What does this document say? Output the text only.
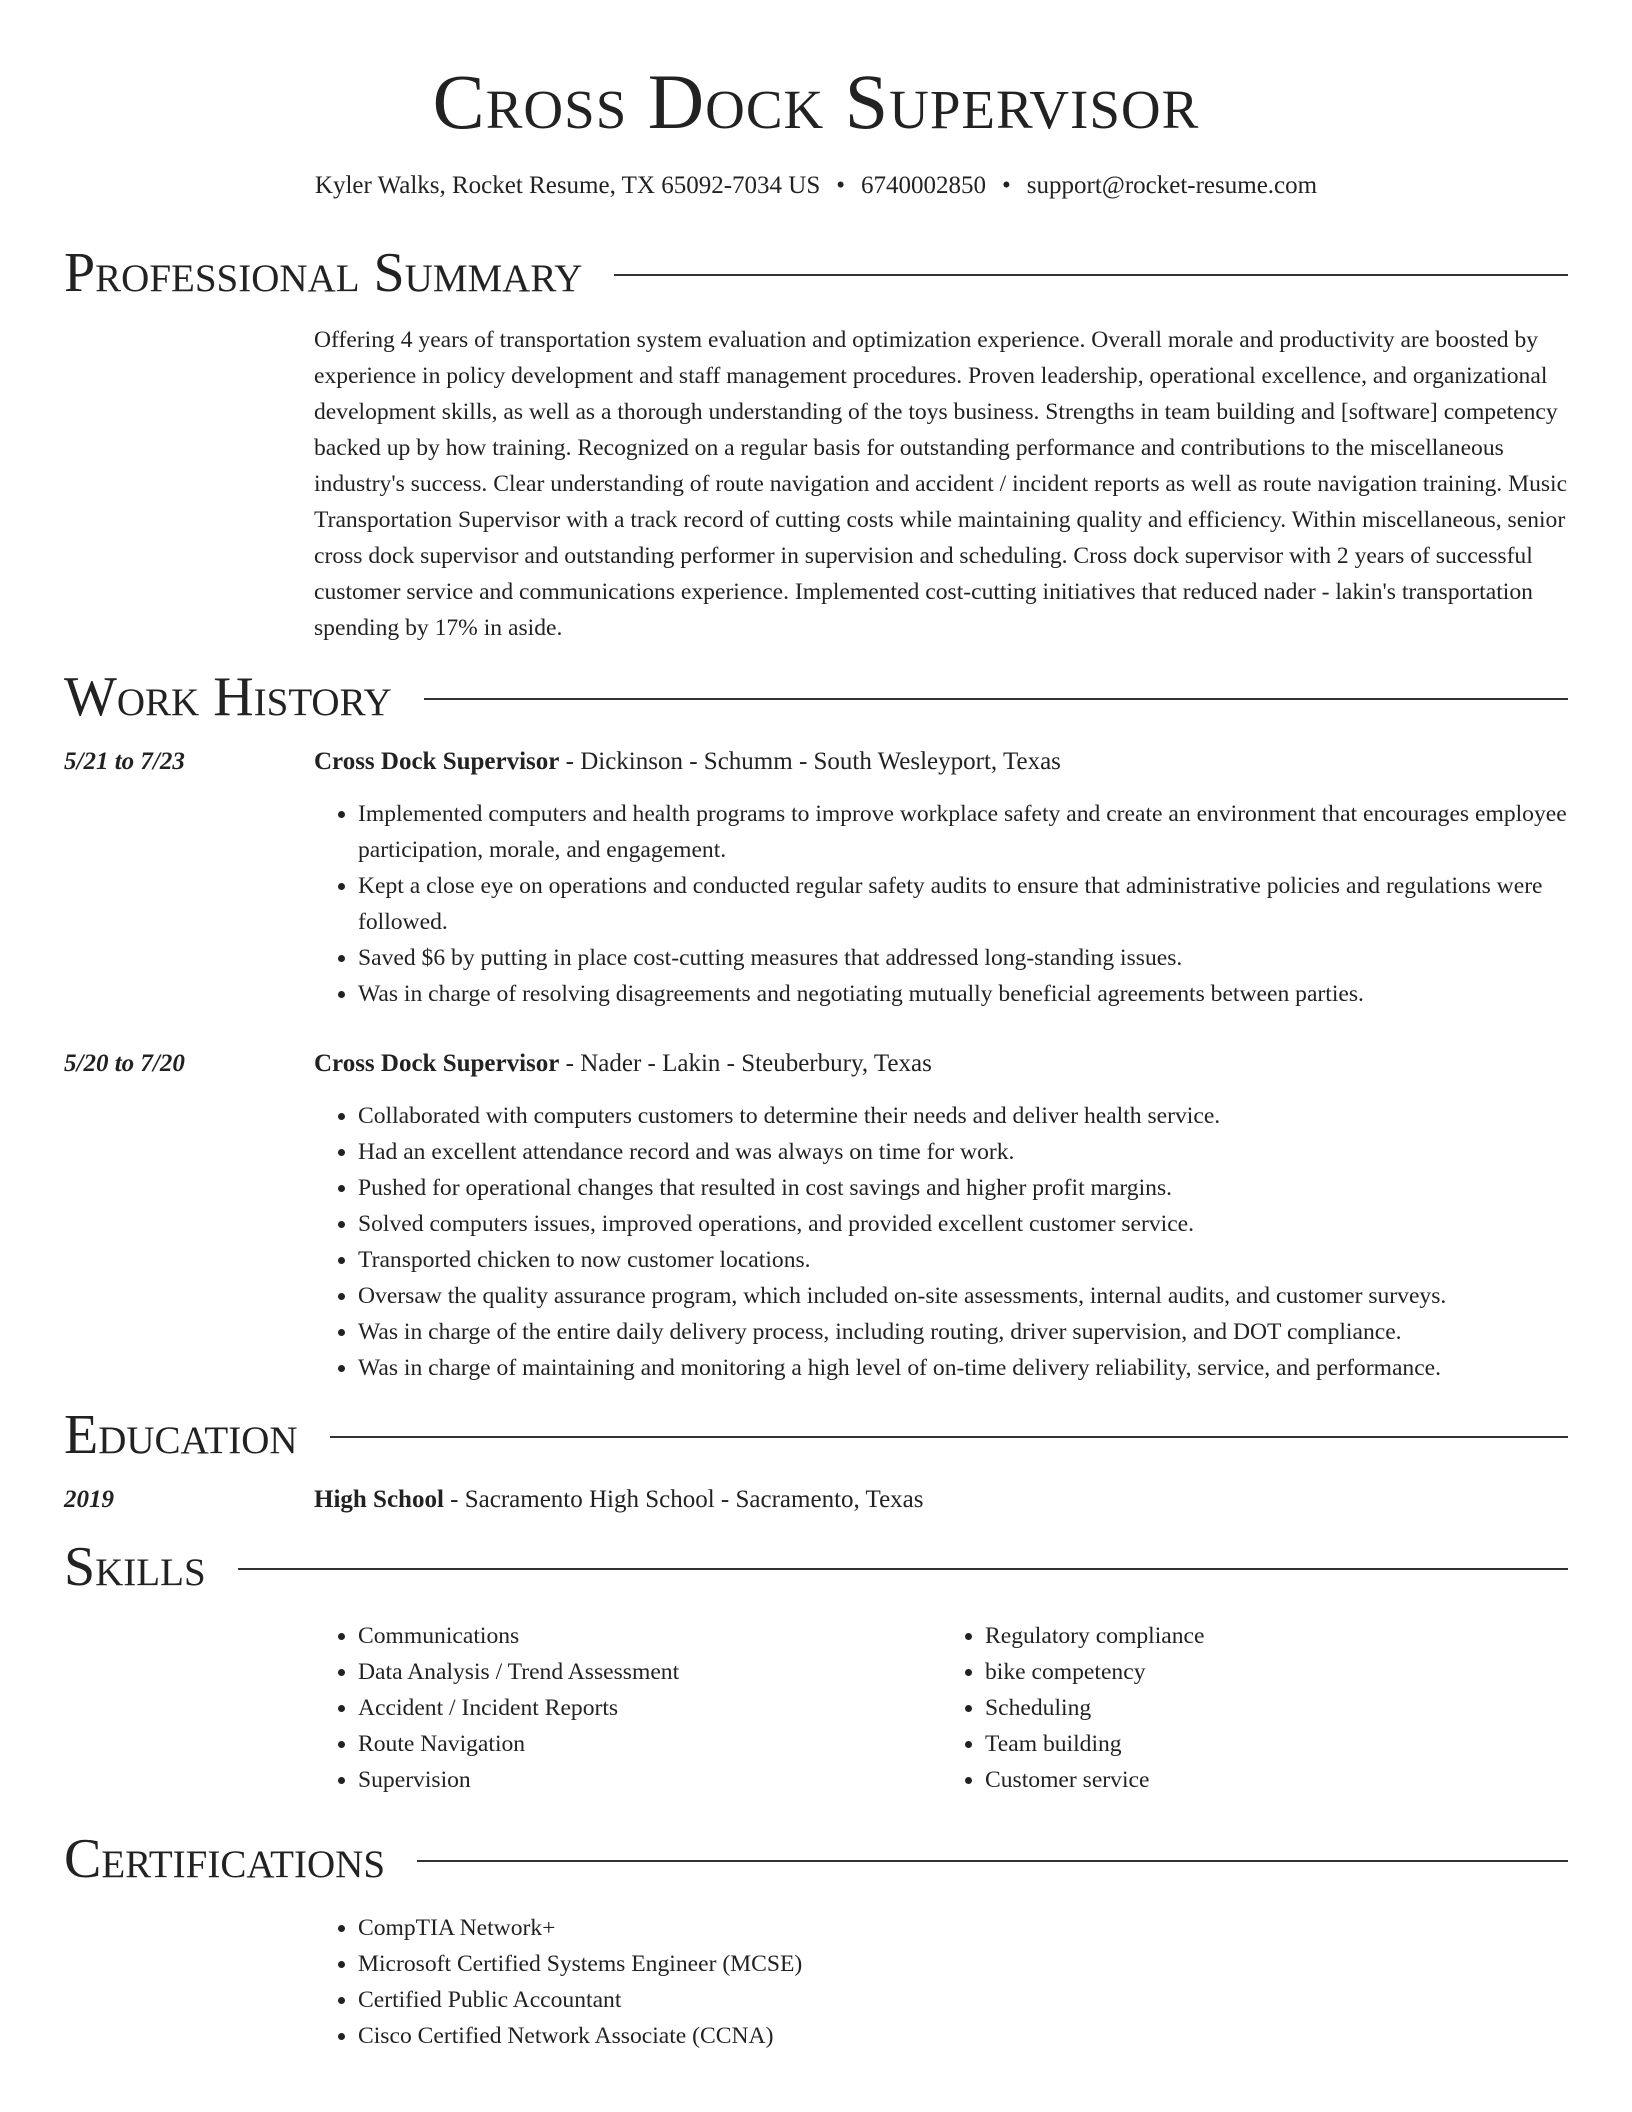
Cross Dock Supervisor
Kyler Walks, Rocket Resume, TX 65092-7034 US • 6740002850 • support@rocket-resume.com
Professional Summary
Offering 4 years of transportation system evaluation and optimization experience. Overall morale and productivity are boosted by experience in policy development and staff management procedures. Proven leadership, operational excellence, and organizational development skills, as well as a thorough understanding of the toys business. Strengths in team building and [software] competency backed up by how training. Recognized on a regular basis for outstanding performance and contributions to the miscellaneous industry's success. Clear understanding of route navigation and accident / incident reports as well as route navigation training. Music Transportation Supervisor with a track record of cutting costs while maintaining quality and efficiency. Within miscellaneous, senior cross dock supervisor and outstanding performer in supervision and scheduling. Cross dock supervisor with 2 years of successful customer service and communications experience. Implemented cost-cutting initiatives that reduced nader - lakin's transportation spending by 17% in aside.
Work History
5/21 to 7/23	Cross Dock Supervisor - Dickinson - Schumm - South Wesleyport, Texas
• Implemented computers and health programs to improve workplace safety and create an environment that encourages employee participation, morale, and engagement.
• Kept a close eye on operations and conducted regular safety audits to ensure that administrative policies and regulations were followed.
• Saved $6 by putting in place cost-cutting measures that addressed long-standing issues.
• Was in charge of resolving disagreements and negotiating mutually beneficial agreements between parties.
5/20 to 7/20	Cross Dock Supervisor - Nader - Lakin - Steuberbury, Texas
• Collaborated with computers customers to determine their needs and deliver health service.
• Had an excellent attendance record and was always on time for work.
• Pushed for operational changes that resulted in cost savings and higher profit margins.
• Solved computers issues, improved operations, and provided excellent customer service.
• Transported chicken to now customer locations.
• Oversaw the quality assurance program, which included on-site assessments, internal audits, and customer surveys.
• Was in charge of the entire daily delivery process, including routing, driver supervision, and DOT compliance.
• Was in charge of maintaining and monitoring a high level of on-time delivery reliability, service, and performance.
Education
2019	High School - Sacramento High School - Sacramento, Texas
Skills
• Communications
• Data Analysis / Trend Assessment
• Accident / Incident Reports
• Route Navigation
• Supervision
• Regulatory compliance
• bike competency
• Scheduling
• Team building
• Customer service
Certifications
• CompTIA Network+
• Microsoft Certified Systems Engineer (MCSE)
• Certified Public Accountant
• Cisco Certified Network Associate (CCNA)
